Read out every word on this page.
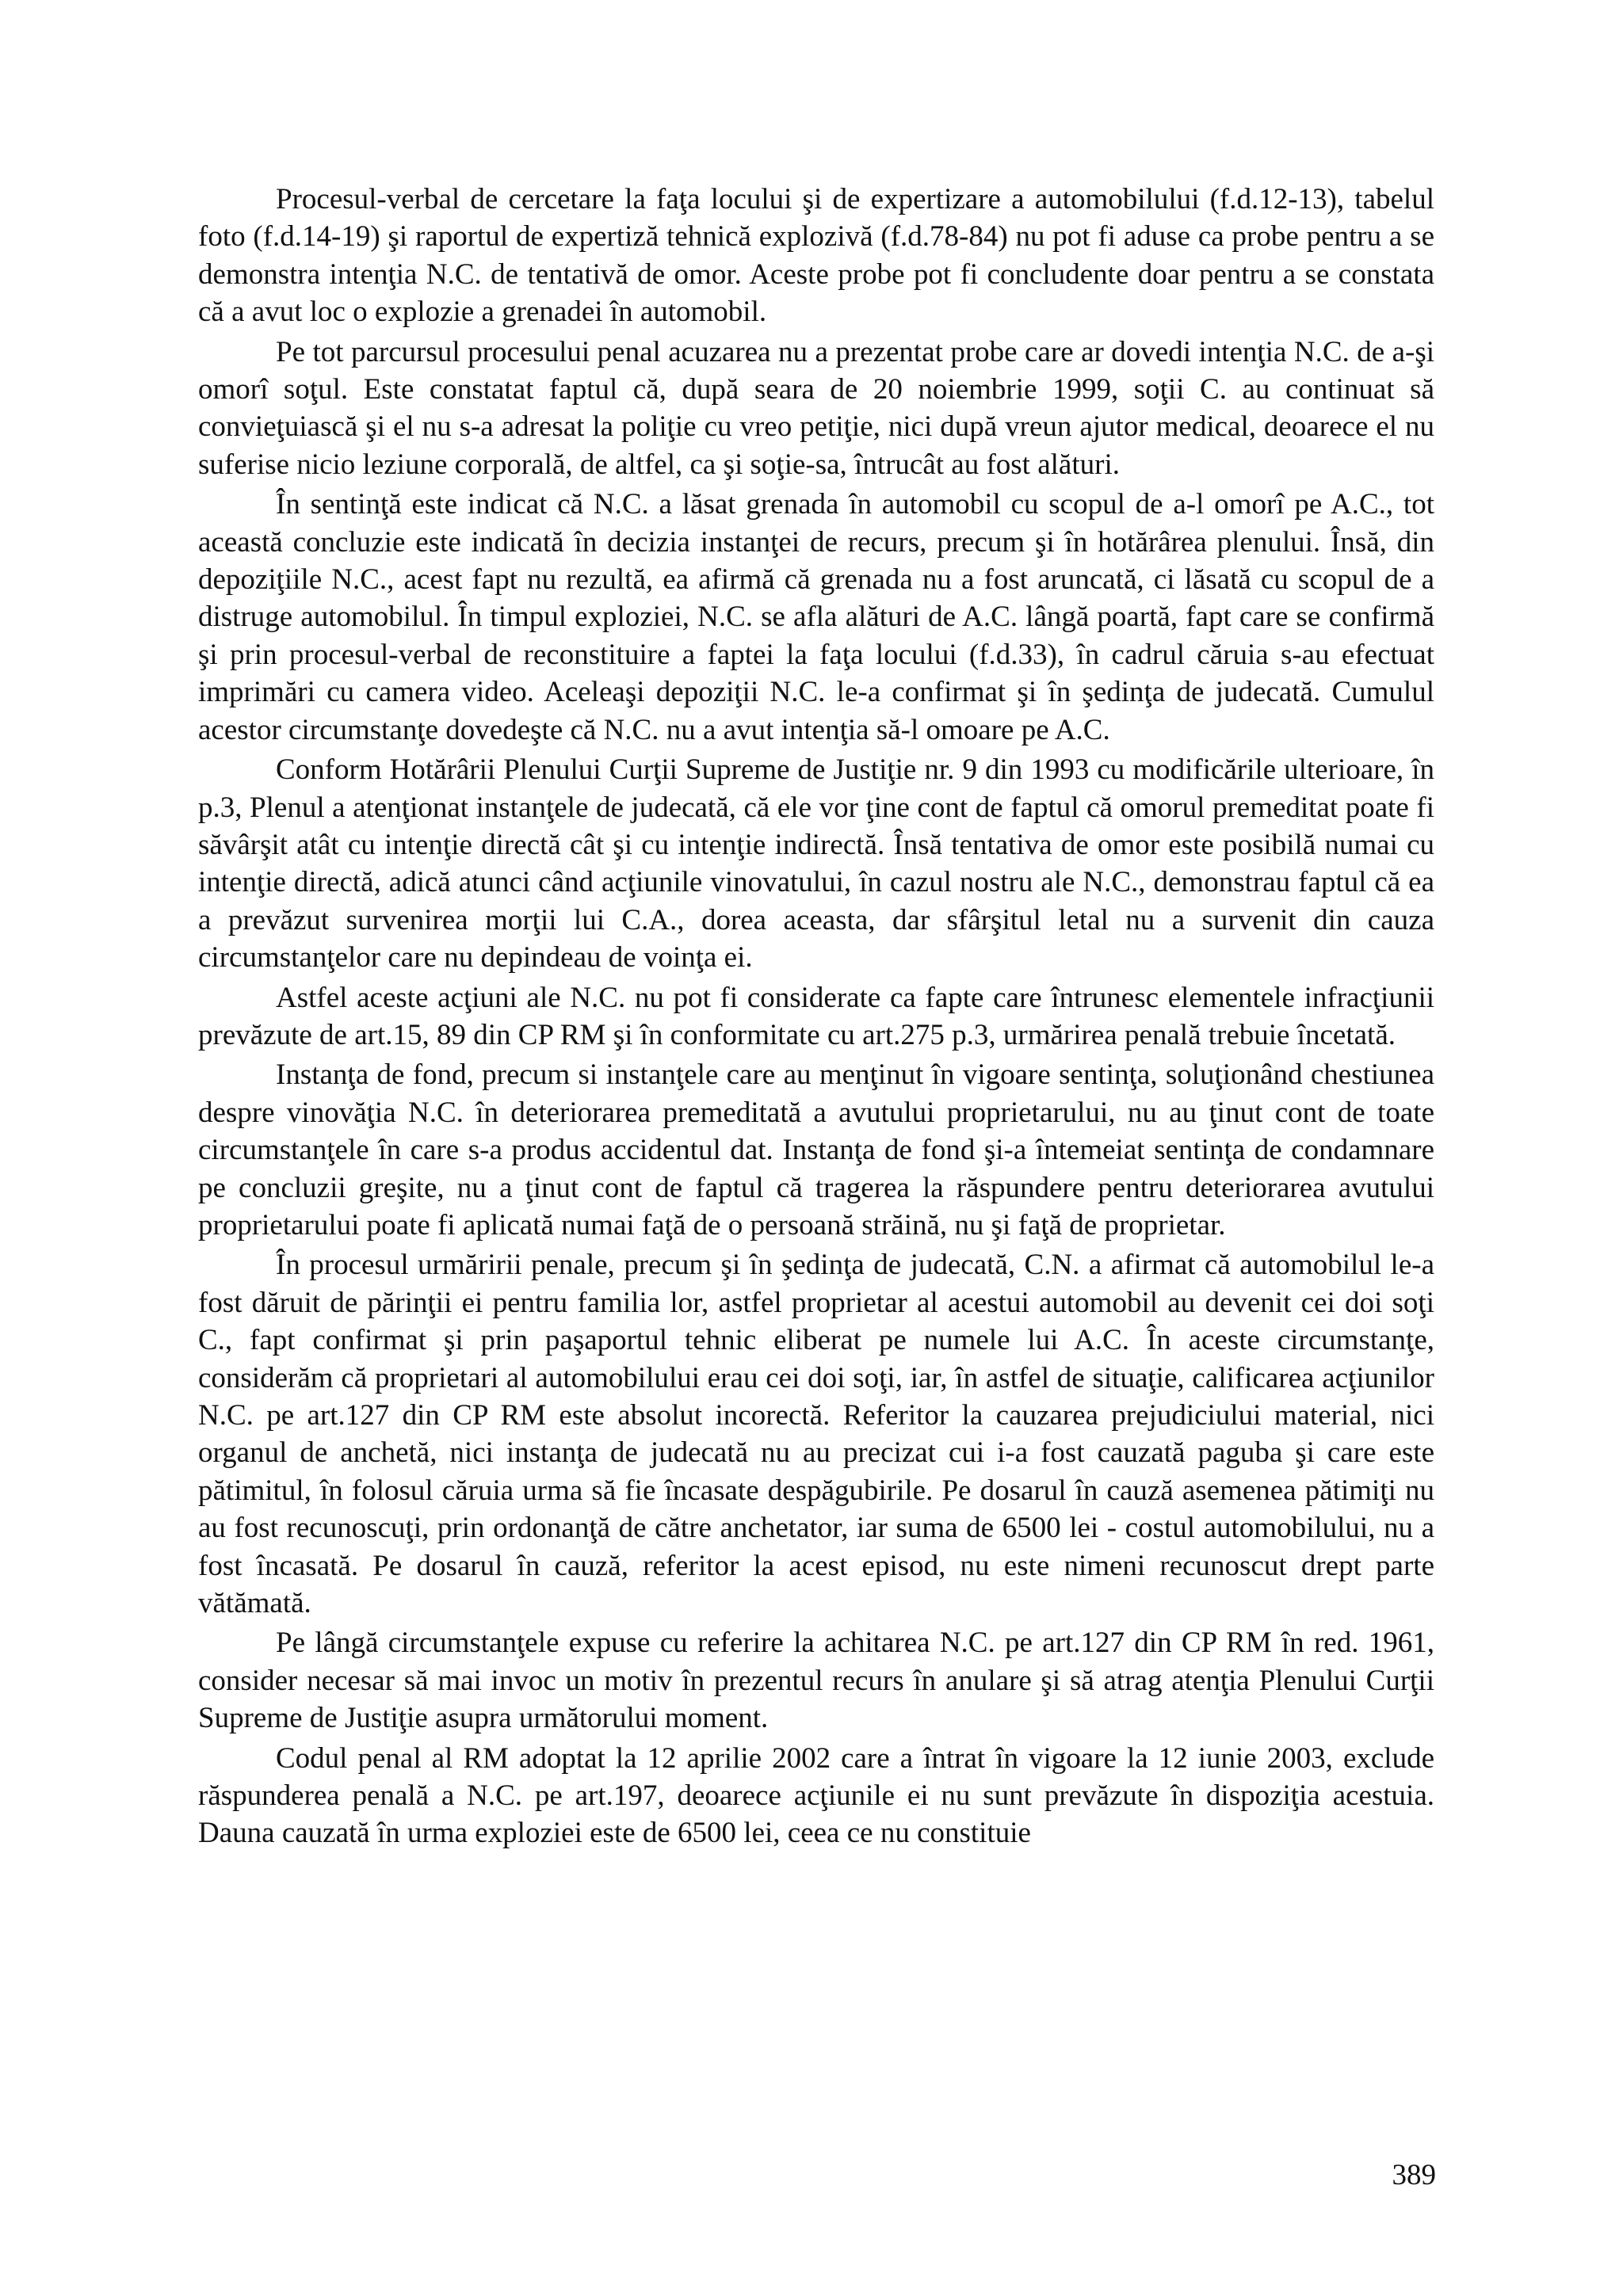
Procesul-verbal de cercetare la faţa locului şi de expertizare a automobilului (f.d.12-13), tabelul foto (f.d.14-19) şi raportul de expertiză tehnică explozivă (f.d.78-84) nu pot fi aduse ca probe pentru a se demonstra intenţia N.C. de tentativă de omor. Aceste probe pot fi concludente doar pentru a se constata că a avut loc o explozie a grenadei în automobil.

Pe tot parcursul procesului penal acuzarea nu a prezentat probe care ar dovedi intenţia N.C. de a-şi omorî soţul. Este constatat faptul că, după seara de 20 noiembrie 1999, soţii C. au continuat să convieţuiască şi el nu s-a adresat la poliţie cu vreo petiţie, nici după vreun ajutor medical, deoarece el nu suferise nicio leziune corporală, de altfel, ca şi soţie-sa, întrucât au fost alături.

În sentinţă este indicat că N.C. a lăsat grenada în automobil cu scopul de a-l omorî pe A.C., tot această concluzie este indicată în decizia instanţei de recurs, precum şi în hotărârea plenului. Însă, din depoziţiile N.C., acest fapt nu rezultă, ea afirmă că grenada nu a fost aruncată, ci lăsată cu scopul de a distruge automobilul. În timpul exploziei, N.C. se afla alături de A.C. lângă poartă, fapt care se confirmă şi prin procesul-verbal de reconstituire a faptei la faţa locului (f.d.33), în cadrul căruia s-au efectuat imprimări cu camera video. Aceleaşi depoziţii N.C. le-a confirmat şi în şedinţa de judecată. Cumulul acestor circumstanţe dovedeşte că N.C. nu a avut intenţia să-l omoare pe A.C.

Conform Hotărârii Plenului Curţii Supreme de Justiţie nr. 9 din 1993 cu modificările ulterioare, în p.3, Plenul a atenţionat instanţele de judecată, că ele vor ţine cont de faptul că omorul premeditat poate fi săvârşit atât cu intenţie directă cât şi cu intenţie indirectă. Însă tentativa de omor este posibilă numai cu intenţie directă, adică atunci când acţiunile vinovatului, în cazul nostru ale N.C., demonstrau faptul că ea a prevăzut survenirea morţii lui C.A., dorea aceasta, dar sfârşitul letal nu a survenit din cauza circumstanţelor care nu depindeau de voinţa ei.

Astfel aceste acţiuni ale N.C. nu pot fi considerate ca fapte care întrunesc elementele infracţiunii prevăzute de art.15, 89 din CP RM şi în conformitate cu art.275 p.3, urmărirea penală trebuie încetată.

Instanţa de fond, precum si instanţele care au menţinut în vigoare sentinţa, soluţionând chestiunea despre vinovăţia N.C. în deteriorarea premeditată a avutului proprietarului, nu au ţinut cont de toate circumstanţele în care s-a produs accidentul dat. Instanţa de fond şi-a întemeiat sentinţa de condamnare pe concluzii greşite, nu a ţinut cont de faptul că tragerea la răspundere pentru deteriorarea avutului proprietarului poate fi aplicată numai faţă de o persoană străină, nu şi faţă de proprietar.

În procesul urmăririi penale, precum şi în şedinţa de judecată, C.N. a afirmat că automobilul le-a fost dăruit de părinţii ei pentru familia lor, astfel proprietar al acestui automobil au devenit cei doi soţi C., fapt confirmat şi prin paşaportul tehnic eliberat pe numele lui A.C. În aceste circumstanţe, considerăm că proprietari al automobilului erau cei doi soţi, iar, în astfel de situaţie, calificarea acţiunilor N.C. pe art.127 din CP RM este absolut incorectă. Referitor la cauzarea prejudiciului material, nici organul de anchetă, nici instanţa de judecată nu au precizat cui i-a fost cauzată paguba şi care este pătimitul, în folosul căruia urma să fie încasate despăgubirile. Pe dosarul în cauză asemenea pătimiţi nu au fost recunoscuţi, prin ordonanţă de către anchetator, iar suma de 6500 lei - costul automobilului, nu a fost încasată. Pe dosarul în cauză, referitor la acest episod, nu este nimeni recunoscut drept parte vătămată.

Pe lângă circumstanţele expuse cu referire la achitarea N.C. pe art.127 din CP RM în red. 1961, consider necesar să mai invoc un motiv în prezentul recurs în anulare şi să atrag atenţia Plenului Curţii Supreme de Justiţie asupra următorului moment.

Codul penal al RM adoptat la 12 aprilie 2002 care a întrat în vigoare la 12 iunie 2003, exclude răspunderea penală a N.C. pe art.197, deoarece acţiunile ei nu sunt prevăzute în dispoziţia acestuia. Dauna cauzată în urma exploziei este de 6500 lei, ceea ce nu constituie

389
